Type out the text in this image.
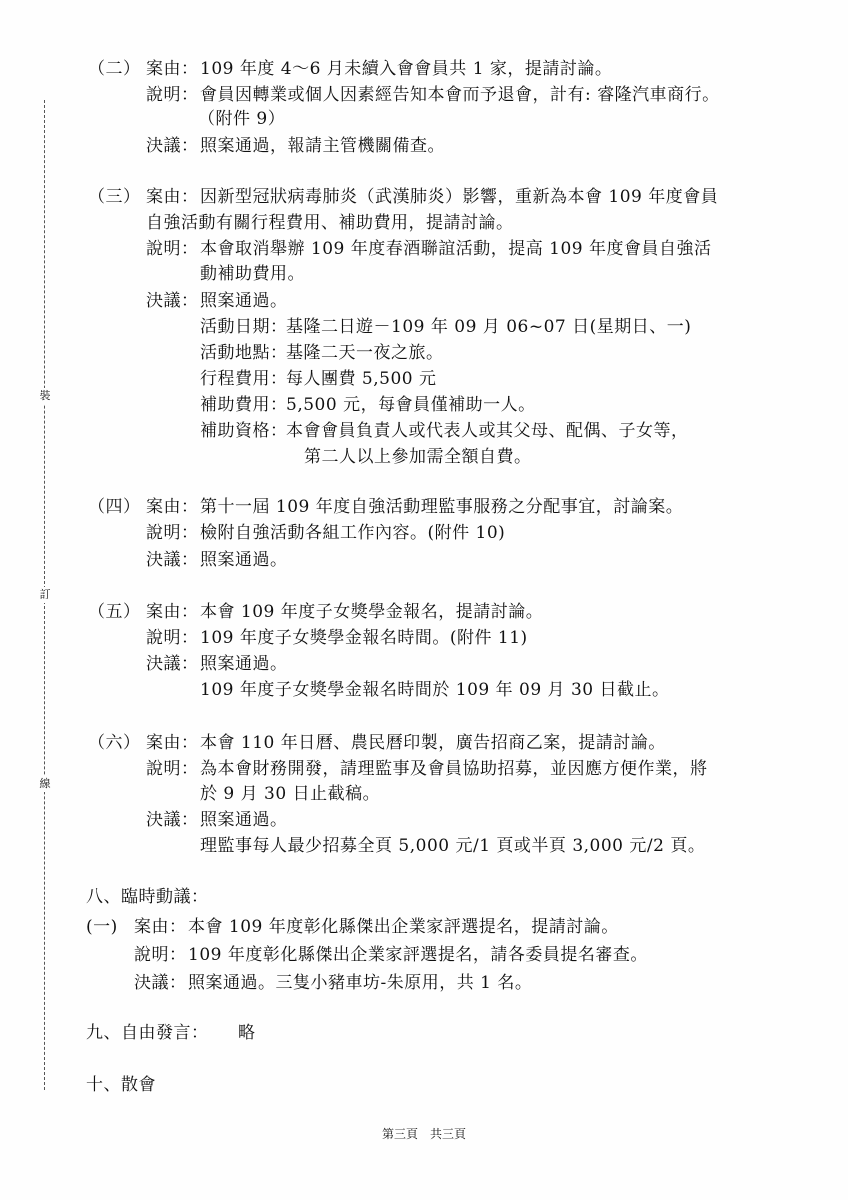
裝
訂
線
（二） 案由： 109 年度 4～6 月未續入會會員共 1 家，提請討論。
說明： 會員因轉業或個人因素經告知本會而予退會，計有: 睿隆汽車商行。
（附件 9）
決議： 照案通過，報請主管機關備查。
（三） 案由： 因新型冠狀病毒肺炎（武漢肺炎）影響，重新為本會 109 年度會員
自強活動有關行程費用、補助費用，提請討論。
說明： 本會取消舉辦 109 年度春酒聯誼活動，提高 109 年度會員自強活
動補助費用。
決議： 照案通過。
活動日期：
基隆二日遊－109 年 09 月 06~07 日(星期日、一)
活動地點：
基隆二天一夜之旅。
行程費用：
每人團費 5,500 元
補助費用：
5,500 元，每會員僅補助一人。
補助資格：
本會會員負責人或代表人或其父母、配偶、子女等，
第二人以上參加需全額自費。
（四） 案由： 第十一屆 109 年度自強活動理監事服務之分配事宜，討論案。
說明： 檢附自強活動各組工作內容。(附件 10)
決議： 照案通過。
（五） 案由： 本會 109 年度子女獎學金報名，提請討論。
說明： 109 年度子女獎學金報名時間。(附件 11)
決議： 照案通過。
109 年度子女獎學金報名時間於 109 年 09 月 30 日截止。
（六） 案由： 本會 110 年日曆、農民曆印製，廣告招商乙案，提請討論。
說明： 為本會財務開發，請理監事及會員協助招募，並因應方便作業，將
於 9 月 30 日止截稿。
決議： 照案通過。
理監事每人最少招募全頁 5,000 元/1 頁或半頁 3,000 元/2 頁。
八、臨時動議：
(一) 案由： 本會 109 年度彰化縣傑出企業家評選提名，提請討論。
說明： 109 年度彰化縣傑出企業家評選提名，請各委員提名審查。
決議： 照案通過。三隻小豬車坊-朱原用，共 1 名。
九、自由發言： 略
十、散會
第三頁　共三頁
